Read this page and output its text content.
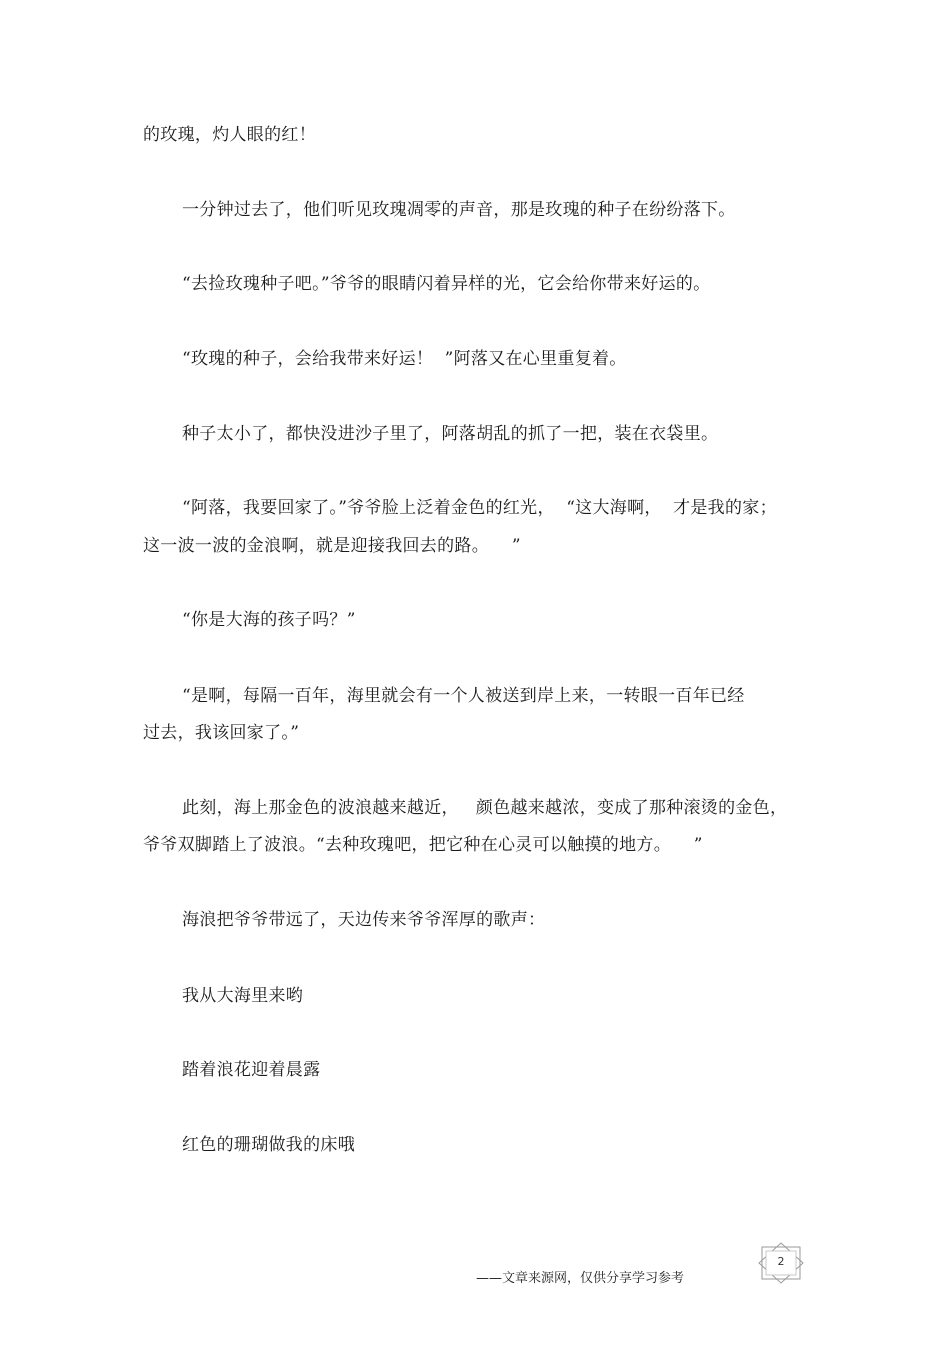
的玫瑰，灼人眼的红！
一分钟过去了，他们听见玫瑰凋零的声音，那是玫瑰的种子在纷纷落下。
“去捡玫瑰种子吧。”爷爷的眼睛闪着异样的光，它会给你带来好运的。
“玫瑰的种子，会给我带来好运！  ”阿落又在心里重复着。
种子太小了，都快没进沙子里了，阿落胡乱的抓了一把，装在衣袋里。
“阿落，我要回家了。”爷爷脸上泛着金色的红光，  “这大海啊，  才是我的家；
这一波一波的金浪啊，就是迎接我回去的路。    ”
“你是大海的孩子吗？”
“是啊，每隔一百年，海里就会有一个人被送到岸上来，一转眼一百年已经
过去，我该回家了。”
此刻，海上那金色的波浪越来越近，   颜色越来越浓，变成了那种滚烫的金色，
爷爷双脚踏上了波浪。“去种玫瑰吧，把它种在心灵可以触摸的地方。    ”
海浪把爷爷带远了，天边传来爷爷浑厚的歌声：
我从大海里来哟
踏着浪花迎着晨露
红色的珊瑚做我的床哦
——文章来源网，仅供分享学习参考
2
